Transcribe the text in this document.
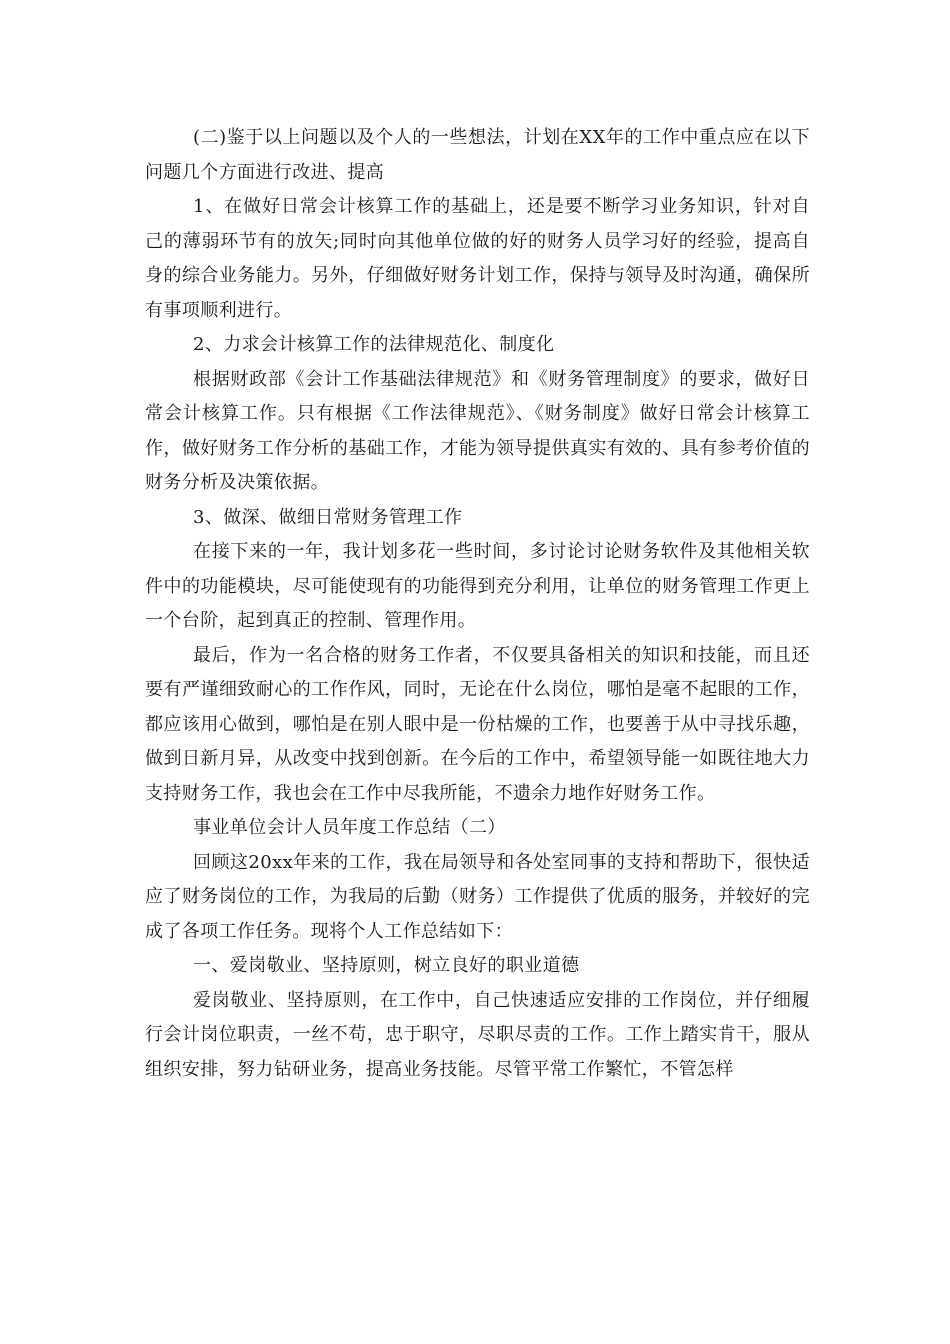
(二)鉴于以上问题以及个人的一些想法，计划在XX年的工作中重点应在以下问题几个方面进行改进、提高

1、在做好日常会计核算工作的基础上，还是要不断学习业务知识，针对自己的薄弱环节有的放矢;同时向其他单位做的好的财务人员学习好的经验，提高自身的综合业务能力。另外，仔细做好财务计划工作，保持与领导及时沟通，确保所有事项顺利进行。

2、力求会计核算工作的法律规范化、制度化

根据财政部《会计工作基础法律规范》和《财务管理制度》的要求，做好日常会计核算工作。只有根据《工作法律规范》、《财务制度》做好日常会计核算工作，做好财务工作分析的基础工作，才能为领导提供真实有效的、具有参考价值的财务分析及决策依据。

3、做深、做细日常财务管理工作

在接下来的一年，我计划多花一些时间，多讨论讨论财务软件及其他相关软件中的功能模块，尽可能使现有的功能得到充分利用，让单位的财务管理工作更上一个台阶，起到真正的控制、管理作用。

最后，作为一名合格的财务工作者，不仅要具备相关的知识和技能，而且还要有严谨细致耐心的工作作风，同时，无论在什么岗位，哪怕是毫不起眼的工作，都应该用心做到，哪怕是在别人眼中是一份枯燥的工作，也要善于从中寻找乐趣，做到日新月异，从改变中找到创新。在今后的工作中，希望领导能一如既往地大力支持财务工作，我也会在工作中尽我所能，不遗余力地作好财务工作。

事业单位会计人员年度工作总结（二）

回顾这20xx年来的工作，我在局领导和各处室同事的支持和帮助下，很快适应了财务岗位的工作，为我局的后勤（财务）工作提供了优质的服务，并较好的完成了各项工作任务。现将个人工作总结如下：

一、爱岗敬业、坚持原则，树立良好的职业道德

爱岗敬业、坚持原则，在工作中，自己快速适应安排的工作岗位，并仔细履行会计岗位职责，一丝不苟，忠于职守，尽职尽责的工作。工作上踏实肯干，服从组织安排，努力钻研业务，提高业务技能。尽管平常工作繁忙，不管怎样
